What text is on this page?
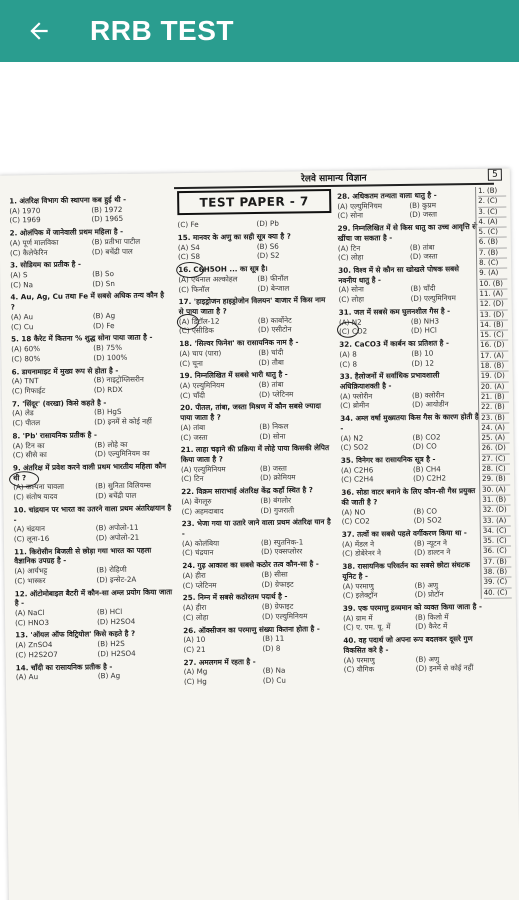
RRB TEST
रेलवे सामान्य विज्ञान	5
1. अंतरिक्ष विभाग की स्थापना कब हुई थी -
(A) 1970	(B) 1972
(C) 1969	(D) 1965
2. ओलंपिक में जानेवाली प्रथम महिला है -
(A) पूर्ण मालविका	(B) प्रतीभा पाटील
(C) कैलेफेरिन	(D) बचेंद्री पाल
3. सोडियम का प्रतीक है -
(A) S	(B) So
(C) Na	(D) Sn
4. Au, Ag, Cu तथा Fe में सबसे अधिक तन्य कौन है ?
(A) Au	(B) Ag
(C) Cu	(D) Fe
5. 18 कैरेट में कितना % शुद्ध सोना पाया जाता है -
(A) 60%	(B) 75%
(C) 80%	(D) 100%
6. डायनामाइट में मुख्य रूप से होता है -
(A) TNT	(B) नाइट्रोग्लिसरीन
(C) गिफाईट	(D) RDX
7. 'सिंदूर' (वरखा) किसे कहते है -
(A) लेड	(B) HgS
(C) पीतल	(D) इनमें से कोई नहीं
8. 'Pb' रासायनिक प्रतीक है -
(A) टिन का	(B) लोहे का
(C) सीसे का	(D) एल्युमिनियम का
9. अंतरिक्ष में प्रवेश करने वाली प्रथम भारतीय महिला कौन थी ?
(A) कल्पना चावला	(B) सुनिता विलियम्स
(C) संतोष यादव	(D) बचेंद्री पाल
10. चांद्रयान पर भारत का उतरने वाला प्रथम अंतरिक्षयान है -
(A) चंद्रयान	(B) अपोलो-11
(C) लूना-16	(D) अपोलो-21
11. किरोसीन बिजली से छोड़ा गया भारत का पहला वैज्ञानिक उपग्रह है -
(A) आर्यभट्ट	(B) रोहिणी
(C) भास्कर	(D) इन्सेट-2A
12. ऑटोमोबाइल बैटरी में कौन-सा अम्ल प्रयोग किया जाता है -
(A) NaCl	(B) HCl
(C) HNO3	(D) H2SO4
13. 'ऑयल ऑफ विट्रियोल' किसे कहते है ?
(A) ZnSO4	(B) H2S
(C) H2S2O7	(D) H2SO4
14. चाँदी का रासायनिक प्रतीक है -
(A) Au	(B) Ag
TEST PAPER - 7
(C) Fe	(D) Pb
15. मानवर के अणु का सही सूत्र क्या है ?
(A) S4	(B) S6
(C) S8	(D) S2
16. C6H5OH ... का सूत्र है।
(A) एथनाल अल्कोहल	(B) फीनॉल
(C) फिनॉल	(D) बेन्जाल
17. 'हाइड्रोजन हाइड्रोजोन विलयन' बाजार में किस नाम से पाया जाता है ?
(A) डिटॉल-12	(B) कार्बोनेट
(C) एसीडिक	(D) एसीटोन
18. 'सिल्वर फिनेश' का रासायनिक नाम है -
(A) चाप (पारा)	(B) चांदी
(C) चूना	(D) तौबा
19. निम्नलिखित में सबसे भारी धातु है -
(A) एल्युमिनियम	(B) तांबा
(C) चाँदी	(D) प्लेटिनम
20. पीतल, तांबा, जस्ता मिश्रण में कौन सबसे ज्यादा पाया जाता है ?
(A) तांबा	(B) निकल
(C) जस्ता	(D) सोना
21. लाहा चढ़ाने की प्रक्रिया में लोहे पाया किसकी लेपित किया जाता है ?
(A) एल्युमिनियम	(B) जस्ता
(C) टिन	(D) क्रोमियम
22. विक्रम साराभाई अंतरिक्ष केंद्र कहाँ स्थित है ?
(A) बेंगलूरु	(B) बंगलोर
(C) अहमदाबाद	(D) गुजराती
23. भेजा गया या उतारे जाने वाला प्रथम अंतरिक्ष यान है -
(A) कोलंबिया	(B) स्पुतनिक-1
(C) चंद्रयान	(D) एक्सप्लोरर
24. गुढ़ आकाश का सबसे कठोर तत्व कौन-सा है -
(A) हीरा	(B) सीसा
(C) प्लेटिनम	(D) ग्रेफाइट
25. निम्न में सबसे कठोरतम पदार्थ है -
(A) हीरा	(B) ग्रेफाइट
(C) लोहा	(D) एल्युमिनियम
26. ऑक्सीजन का परमाणु संख्या कितना होता है -
(A) 10	(B) 11
(C) 21	(D) 8
27. अमलगम में रहता है -
(A) Mg	(B) Na
(C) Hg	(D) Cu
28. अधिकतम तन्यता वाला धातु है -
(A) एल्युमिनियम	(B) कुप्रम
(C) सोना	(D) जस्ता
29. निम्नलिखित में से किस धातु का उच्च आवृत्ति से खींचा जा सकता है -
(A) टिन	(B) तांबा
(C) लोहा	(D) जस्ता
30. विश्व में से कौन सा खोखले पोषक सबसे नवनीय धातु है -
(A) सोना	(B) चाँदी
(C) लोहा	(D) एल्युमिनियम
31. जल में सबसे कम घुलनशील गैस है -
(A) N2	(B) NH3
(C) CO2	(D) HCl
32. CaCO3 में कार्बन का प्रतिशत है -
(A) 8	(B) 10
(C) 8	(D) 12
33. हैलोजनों में सर्वाधिक प्रभावशाली अधिक्रियाशक्ती है -
(A) फ्लोरीन	(B) क्लोरीन
(C) ब्रोमीन	(D) आयोडीन
34. अम्ल वर्षा मुख्यतया किस गैस के कारण होती है -
(A) N2	(B) CO2
(C) SO2	(D) CO
35. विनेगर का रासायनिक सूत्र है -
(A) C2H6	(B) CH4
(C) C2H4	(D) C2H2
36. सोडा वाटर बनाने के लिए कौन-सी गैस प्रयुक्त की जाती है ?
(A) NO	(B) CO
(C) CO2	(D) SO2
37. तत्वों का सबसे पहले वर्गीकरण किया था -
(A) मेंडल ने	(B) न्यूटन ने
(C) डोबेरेनर ने	(D) डाल्टन ने
38. रासायनिक परिवर्तन का सबसे छोटा संघटक यूनिट है -
(A) परमाणु	(B) अणु
(C) इलेक्ट्रॉन	(D) प्रोटॉन
39. एक परमाणु द्रव्यमान को व्यक्त किया जाता है -
(A) ग्राम में	(B) किलो में
(C) ए. एम. यू. में	(D) कैरेट में
40. वह पदार्थ जो अपना रूप बदलकर दूसरे गुण विकसित करे है -
(A) परमाणु	(B) अणु
(C) यौगिक	(D) इनमें से कोई नहीं
1. (B)
2. (C)
3. (C)
4. (A)
5. (C)
6. (B)
7. (B)
8. (C)
9. (A)
10. (B)
11. (A)
12. (D)
13. (D)
14. (B)
15. (C)
16. (D)
17. (A)
18. (B)
19. (D)
20. (A)
21. (B)
22. (B)
23. (B)
24. (A)
25. (A)
26. (D)
27. (C)
28. (C)
29. (B)
30. (A)
31. (B)
32. (D)
33. (A)
34. (C)
35. (C)
36. (C)
37. (B)
38. (B)
39. (C)
40. (C)
